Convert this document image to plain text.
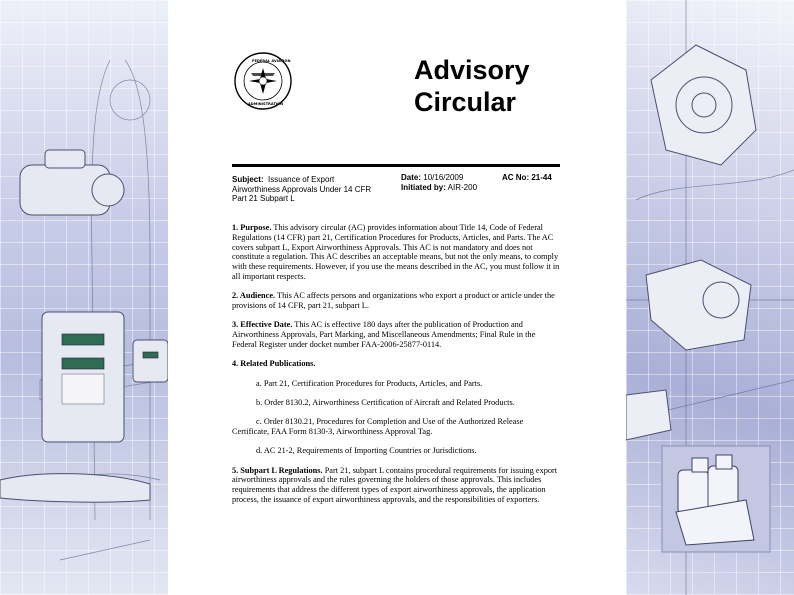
FEDERAL AVIATION
ADMINISTRATION
Advisory
Circular
Subject: Issuance of Export
Airworthiness Approvals Under 14 CFR
Part 21 Subpart L
Date: 10/16/2009
Initiated by: AIR-200
AC No: 21-44

1. Purpose. This advisory circular (AC) provides information about Title 14, Code of Federal Regulations (14 CFR) part 21, Certification Procedures for Products, Articles, and Parts. The AC covers subpart L, Export Airworthiness Approvals. This AC is not mandatory and does not constitute a regulation. This AC describes an acceptable means, but not the only means, to comply with these requirements. However, if you use the means described in the AC, you must follow it in all important respects.

2. Audience. This AC affects persons and organizations who export a product or article under the provisions of 14 CFR, part 21, subpart L.

3. Effective Date. This AC is effective 180 days after the publication of Production and Airworthiness Approvals, Part Marking, and Miscellaneous Amendments; Final Rule in the Federal Register under docket number FAA-2006-25877-0114.

4. Related Publications.

a. Part 21, Certification Procedures for Products, Articles, and Parts.

b. Order 8130.2, Airworthiness Certification of Aircraft and Related Products.

c. Order 8130.21, Procedures for Completion and Use of the Authorized Release Certificate, FAA Form 8130-3, Airworthiness Approval Tag.

d. AC 21-2, Requirements of Importing Countries or Jurisdictions.

5. Subpart L Regulations. Part 21, subpart L contains procedural requirements for issuing export airworthiness approvals and the rules governing the holders of those approvals. This includes requirements that address the different types of export airworthiness approvals, the application process, the issuance of export airworthiness approvals, and the responsibilities of exporters.
